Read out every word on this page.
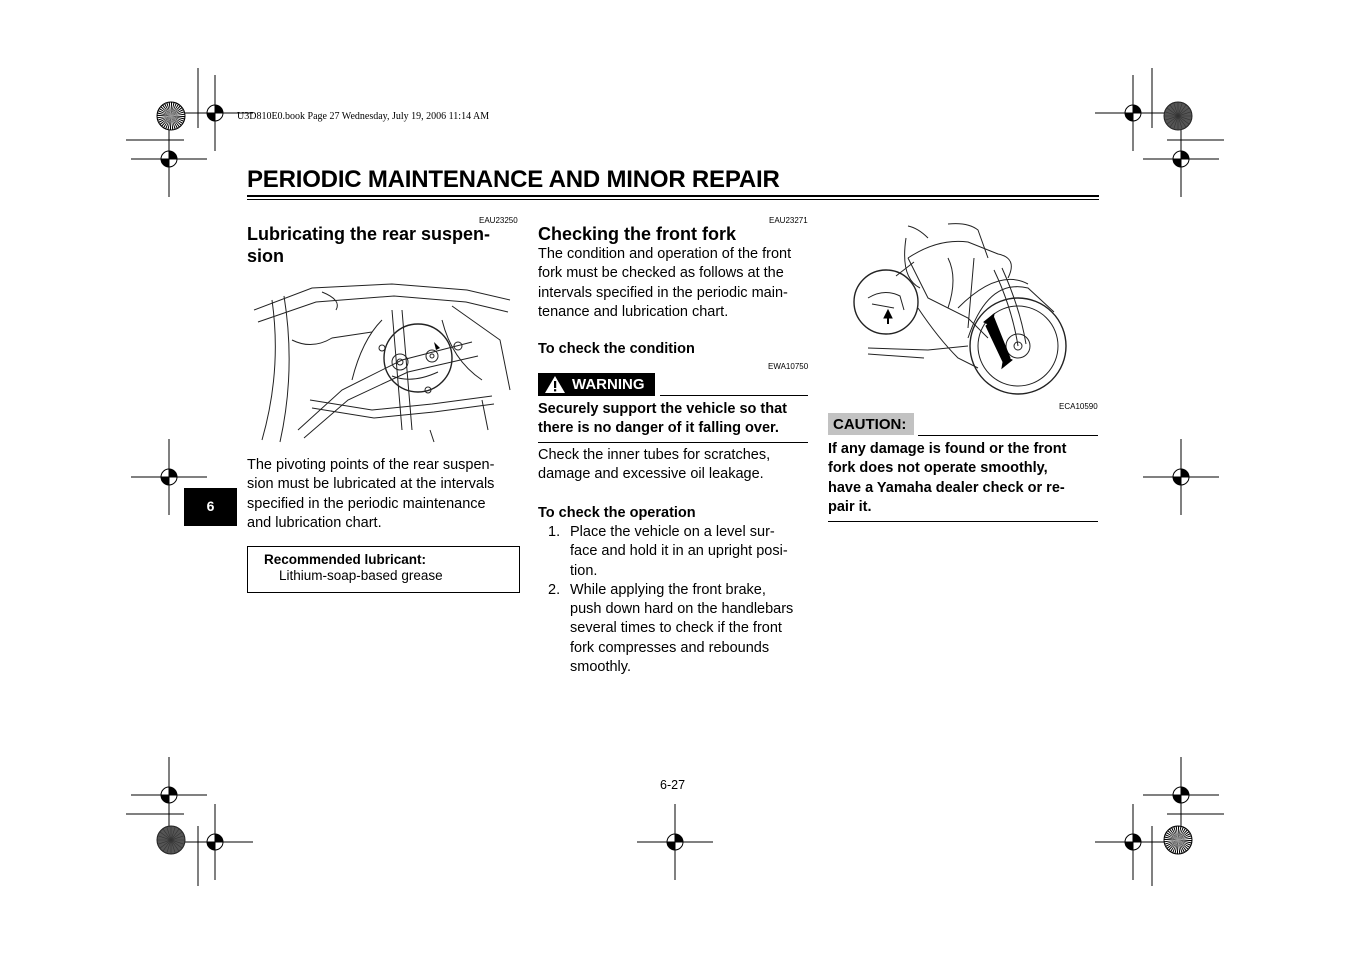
U3D810E0.book Page 27 Wednesday, July 19, 2006 11:14 AM
PERIODIC MAINTENANCE AND MINOR REPAIR
6
EAU23250
Lubricating the rear suspen-
sion
The pivoting points of the rear suspen-
sion must be lubricated at the intervals
specified in the periodic maintenance
and lubrication chart.
Recommended lubricant:
Lithium-soap-based grease
EAU23271
Checking the front fork
The condition and operation of the front
fork must be checked as follows at the
intervals specified in the periodic main-
tenance and lubrication chart.
To check the condition
EWA10750
WARNING
Securely support the vehicle so that
there is no danger of it falling over.
Check the inner tubes for scratches,
damage and excessive oil leakage.
To check the operation
1. Place the vehicle on a level sur-
face and hold it in an upright posi-
tion.
2. While applying the front brake,
push down hard on the handlebars
several times to check if the front
fork compresses and rebounds
smoothly.
ECA10590
CAUTION:
If any damage is found or the front
fork does not operate smoothly,
have a Yamaha dealer check or re-
pair it.
6-27
